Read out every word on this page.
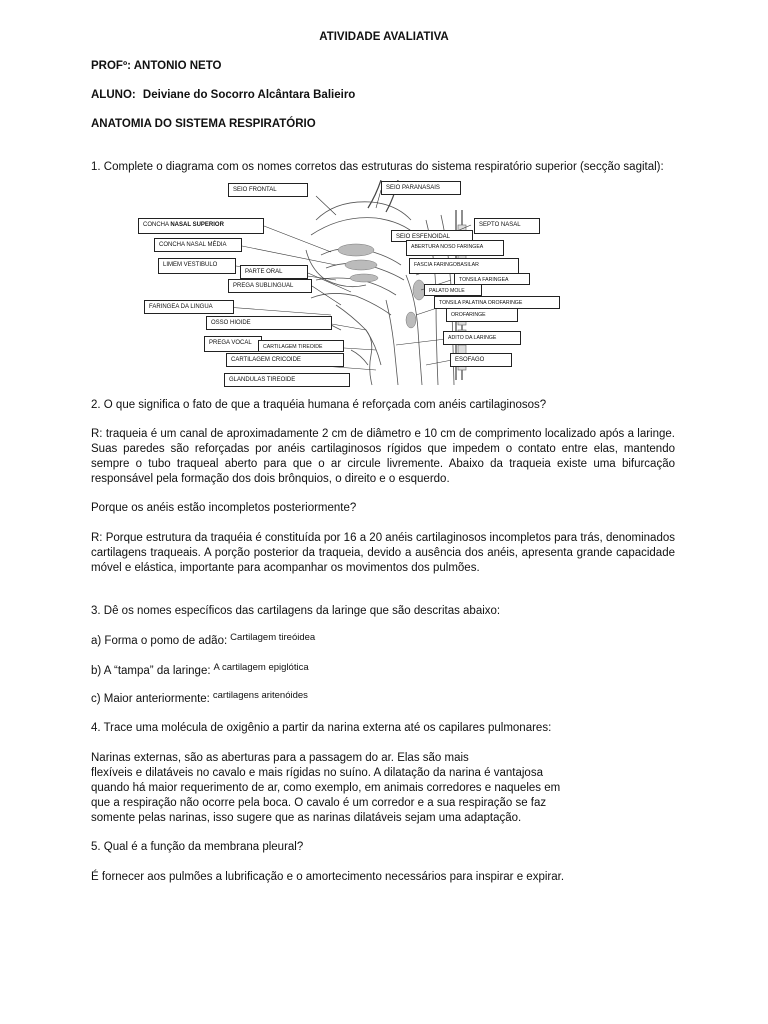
ATIVIDADE AVALIATIVA
PROFº: ANTONIO NETO
ALUNO: Deiviane do Socorro Alcântara Balieiro
ANATOMIA DO SISTEMA RESPIRATÓRIO
1. Complete o diagrama com os nomes corretos das estruturas do sistema respiratório superior (secção sagital):
SEIO FRONTAL	SEIO PARANASAIS
CONCHA NASAL SUPERIOR	SEPTO NASAL
SEIO ESFENOIDAL
CONCHA NASAL MÉDIA	ABERTURA NOSO FARINGEA
LIMEM VESTIBULO	FASCIA FARINGOBASILAR
PARTE ORAL
TONSILA FARINGEA
PREGA SUBLINGUAL
PALATO MOLE
FARINGEA DA LINGUA
TONSILA PALATINA OROFARINGE
OROFARINGE
OSSO HIOIDE
ADITO DA LARINGE
PREGA VOCAL
CARTILAGEM TIREOIDE
CARTILAGEM CRICOIDE	ESOFAGO
GLANDULAS TIREOIDE
2. O que significa o fato de que a traquéia humana é reforçada com anéis cartilaginosos?
R: traqueia é um canal de aproximadamente 2 cm de diâmetro e 10 cm de comprimento localizado após a laringe. Suas paredes são reforçadas por anéis cartilaginosos rígidos que impedem o contato entre elas, mantendo sempre o tubo traqueal aberto para que o ar circule livremente. Abaixo da traqueia existe uma bifurcação responsável pela formação dos dois brônquios, o direito e o esquerdo.
Porque os anéis estão incompletos posteriormente?
R: Porque estrutura da traquéia é constituída por 16 a 20 anéis cartilaginosos incompletos para trás, denominados cartilagens traqueais. A porção posterior da traqueia, devido a ausência dos anéis, apresenta grande capacidade móvel e elástica, importante para acompanhar os movimentos dos pulmões.
3. Dê os nomes específicos das cartilagens da laringe que são descritas abaixo:
a) Forma o pomo de adão: $^{Cartilagem tireóidea}$
b) A “tampa” da laringe: $^{A cartilagem epiglótica}$
c) Maior anteriormente: $^{cartilagens aritenóides}$
4. Trace uma molécula de oxigênio a partir da narina externa até os capilares pulmonares:
Narinas externas, são as aberturas para a passagem do ar. Elas são mais
flexíveis e dilatáveis no cavalo e mais rígidas no suíno. A dilatação da narina é vantajosa
quando há maior requerimento de ar, como exemplo, em animais corredores e naqueles em
que a respiração não ocorre pela boca. O cavalo é um corredor e a sua respiração se faz
somente pelas narinas, isso sugere que as narinas dilatáveis sejam uma adaptação.
5. Qual é a função da membrana pleural?
É fornecer aos pulmões a lubrificação e o amortecimento necessários para inspirar e expirar.
